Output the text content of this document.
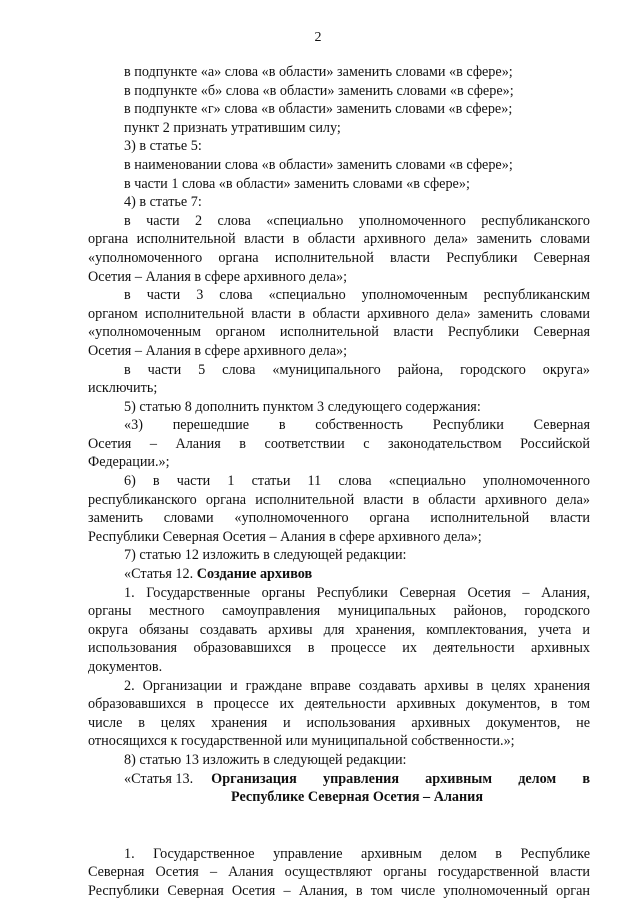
2
в подпункте «а» слова «в области» заменить словами «в сфере»;
в подпункте «б» слова «в области» заменить словами «в сфере»;
в подпункте «г» слова «в области» заменить словами «в сфере»;
пункт 2 признать утратившим силу;
3) в статье 5:
в наименовании слова «в области» заменить словами «в сфере»;
в части 1 слова «в области» заменить словами «в сфере»;
4) в статье 7:
в части 2 слова «специально уполномоченного республиканского
органа исполнительной власти в области архивного дела» заменить словами
«уполномоченного органа исполнительной власти Республики Северная
Осетия – Алания в сфере архивного дела»;
в части 3 слова «специально уполномоченным республиканским
органом исполнительной власти в области архивного дела» заменить словами
«уполномоченным органом исполнительной власти Республики Северная
Осетия – Алания в сфере архивного дела»;
в части 5 слова «муниципального района, городского округа»
исключить;
5) статью 8 дополнить пунктом 3 следующего содержания:
«3) перешедшие в собственность Республики Северная
Осетия – Алания в соответствии с законодательством Российской
Федерации.»;
6) в части 1 статьи 11 слова «специально уполномоченного
республиканского органа исполнительной власти в области архивного дела»
заменить словами «уполномоченного органа исполнительной власти
Республики Северная Осетия – Алания в сфере архивного дела»;
7) статью 12 изложить в следующей редакции:
«Статья 12. Создание архивов
1. Государственные органы Республики Северная Осетия – Алания,
органы местного самоуправления муниципальных районов, городского
округа обязаны создавать архивы для хранения, комплектования, учета и
использования образовавшихся в процессе их деятельности архивных
документов.
2. Организации и граждане вправе создавать архивы в целях хранения
образовавшихся в процессе их деятельности архивных документов, в том
числе в целях хранения и использования архивных документов, не
относящихся к государственной или муниципальной собственности.»;
8) статью 13 изложить в следующей редакции:
«Статья 13. Организация управления архивным делом в
Республике Северная Осетия – Алания
1. Государственное управление архивным делом в Республике
Северная Осетия – Алания осуществляют органы государственной власти
Республики Северная Осетия – Алания, в том числе уполномоченный орган
